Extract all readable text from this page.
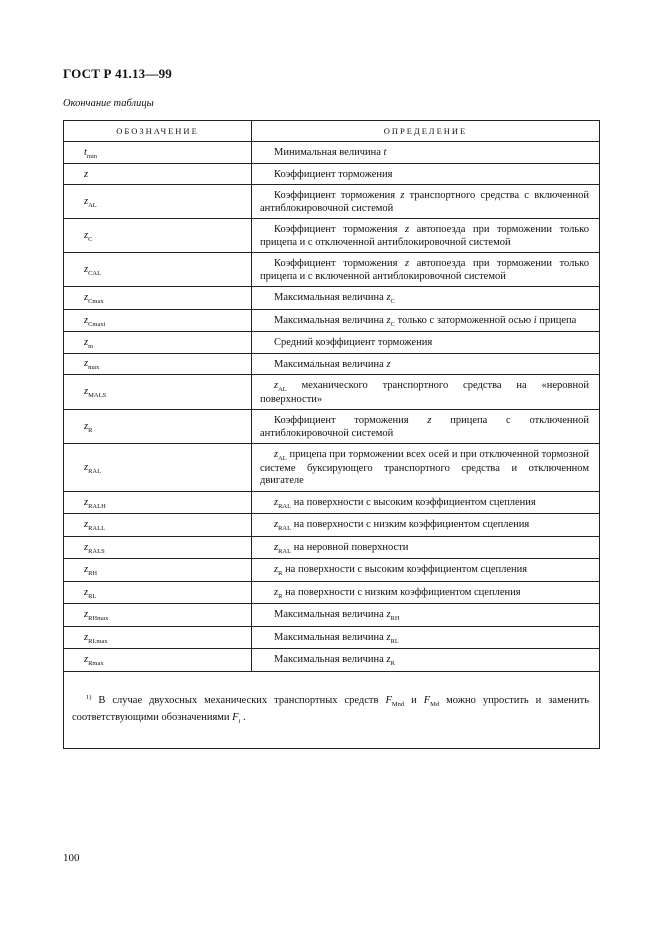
ГОСТ Р 41.13—99
Окончание таблицы
ОБОЗНАЧЕНИЕ	ОПРЕДЕЛЕНИЕ
$t_{min}$	Минимальная величина t
z	Коэффициент торможения
$z_{AL}$	Коэффициент торможения z транспортного средства с включенной антиблокировочной системой
$z_C$	Коэффициент торможения z автопоезда при торможении только прицепа и с отключенной антиблокировочной системой
$z_{CAL}$	Коэффициент торможения z автопоезда при торможении только прицепа и с включенной антиблокировочной системой
$z_{Cmax}$	Максимальная величина $z_C$
$z_{Cmaxi}$	Максимальная величина $z_C$ только с заторможенной осью i прицепа
$z_m$	Средний коэффициент торможения
$z_{max}$	Максимальная величина z
$z_{MALS}$	$z_{AL}$ механического транспортного средства на «неровной поверхности»
$z_R$	Коэффициент торможения z прицепа с отключенной антиблокировочной системой
$z_{RAL}$	$z_{AL}$ прицепа при торможении всех осей и при отключенной тормозной системе буксирующего транспортного средства и отключенном двигателе
$z_{RALH}$	$z_{RAL}$ на поверхности с высоким коэффициентом сцепления
$z_{RALL}$	$z_{RAL}$ на поверхности с низким коэффициентом сцепления
$z_{RALS}$	$z_{RAL}$ на неровной поверхности
$z_{RH}$	$z_R$ на поверхности с высоким коэффициентом сцепления
$z_{RL}$	$z_R$ на поверхности с низким коэффициентом сцепления
$z_{RHmax}$	Максимальная величина $z_{RH}$
$z_{RLmax}$	Максимальная величина $z_{RL}$
$z_{Rmax}$	Максимальная величина $z_R$
$^{1)}$ В случае двухосных механических транспортных средств $F_{Mnd}$ и $F_{Md}$ можно упростить и заменить соответствующими обозначениями $F_i$ .	
100
